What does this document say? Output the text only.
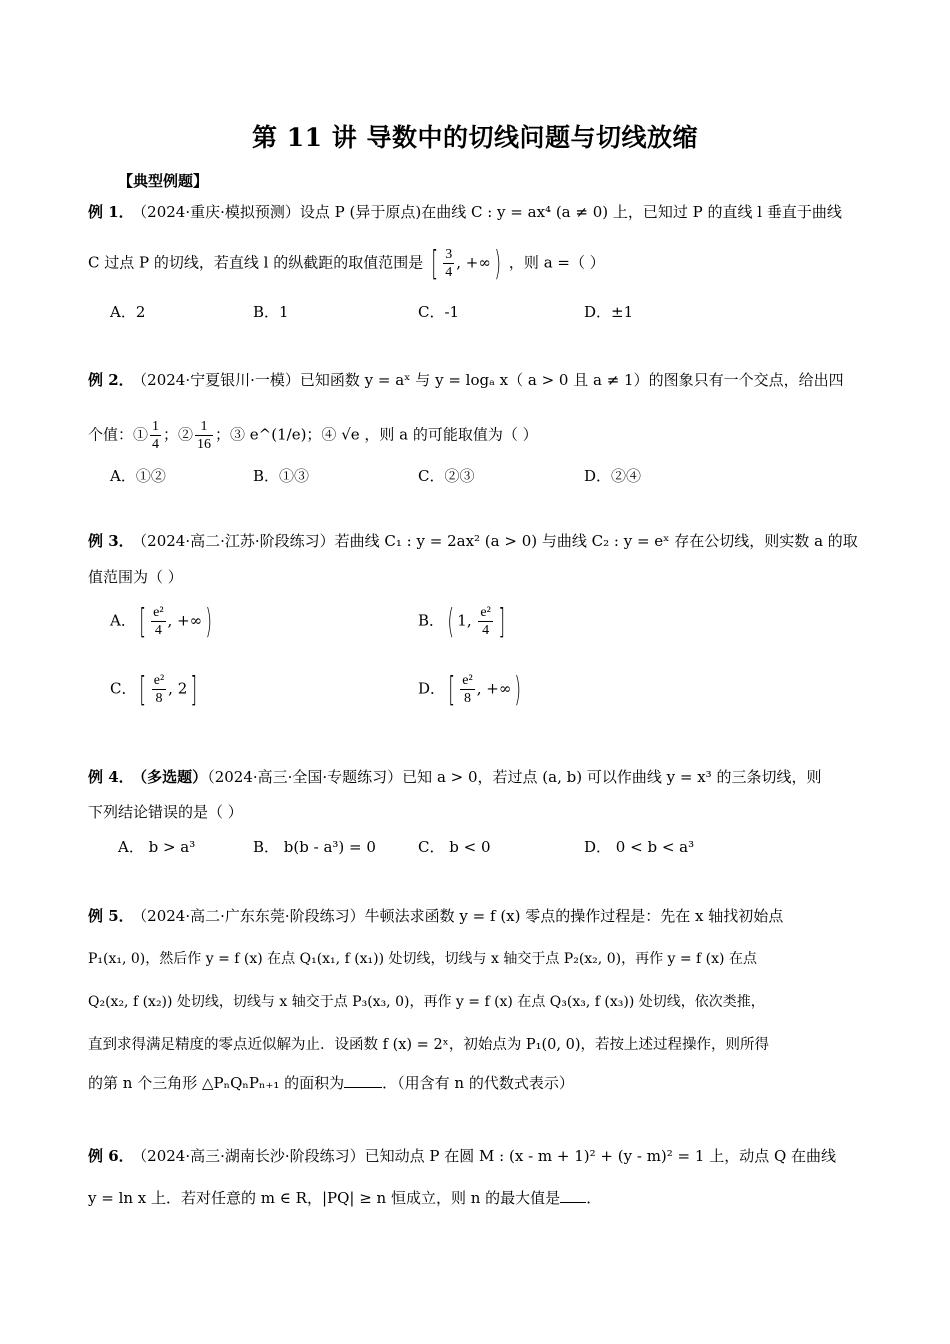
第 11 讲 导数中的切线问题与切线放缩
【典型例题】
例 1． （2024·重庆·模拟预测）设点 P (异于原点)在曲线 C : y = ax⁴ (a ≠ 0) 上，已知过 P 的直线 l 垂直于曲线
C 过点 P 的切线，若直线 l 的纵截距的取值范围是 [ $\frac{3}{4}$ , +∞) ，则 a =（ ）
A．2	B．1	C．-1	D．±1
例 2． （2024·宁夏银川·一模）已知函数 y = aˣ 与 y = logₐ x（ a > 0 且 a ≠ 1）的图象只有一个交点，给出四
个值：① $\frac{1}{4}$ ；② $\frac{1}{16}$ ；③ e^(1/e)；④ √e ，则 a 的可能取值为（ ）
A．①②	B．①③	C．②③	D．②④
例 3． （2024·高二·江苏·阶段练习）若曲线 C₁ : y = 2ax² (a > 0) 与曲线 C₂ : y = eˣ 存在公切线，则实数 a 的取
值范围为（ ）
A．[ $\frac{\text{e²}}{4}$ , +∞)	B．( 1, $\frac{\text{e²}}{4}$ ]
C．[ $\frac{\text{e²}}{8}$ , 2]	D．[ $\frac{\text{e²}}{8}$ , +∞)
例 4． （多选题）（2024·高三·全国·专题练习）已知 a > 0，若过点 (a, b) 可以作曲线 y = x³ 的三条切线，则
下列结论错误的是（ ）
A． b > a³	B． b(b - a³) = 0	C． b < 0	D． 0 < b < a³
例 5． （2024·高二·广东东莞·阶段练习）牛顿法求函数 y = f (x) 零点的操作过程是：先在 x 轴找初始点
P₁(x₁, 0)，然后作 y = f (x) 在点 Q₁(x₁, f (x₁)) 处切线，切线与 x 轴交于点 P₂(x₂, 0)，再作 y = f (x) 在点
Q₂(x₂, f (x₂)) 处切线，切线与 x 轴交于点 P₃(x₃, 0)，再作 y = f (x) 在点 Q₃(x₃, f (x₃)) 处切线，依次类推，
直到求得满足精度的零点近似解为止．设函数 f (x) = 2ˣ，初始点为 P₁(0, 0)，若按上述过程操作，则所得
的第 n 个三角形 △PₙQₙPₙ₊₁ 的面积为	．（用含有 n 的代数式表示）
例 6． （2024·高三·湖南长沙·阶段练习）已知动点 P 在圆 M : (x - m + 1)² + (y - m)² = 1 上，动点 Q 在曲线
y = ln x 上．若对任意的 m ∈ R，|PQ| ≥ n 恒成立，则 n 的最大值是 ．
